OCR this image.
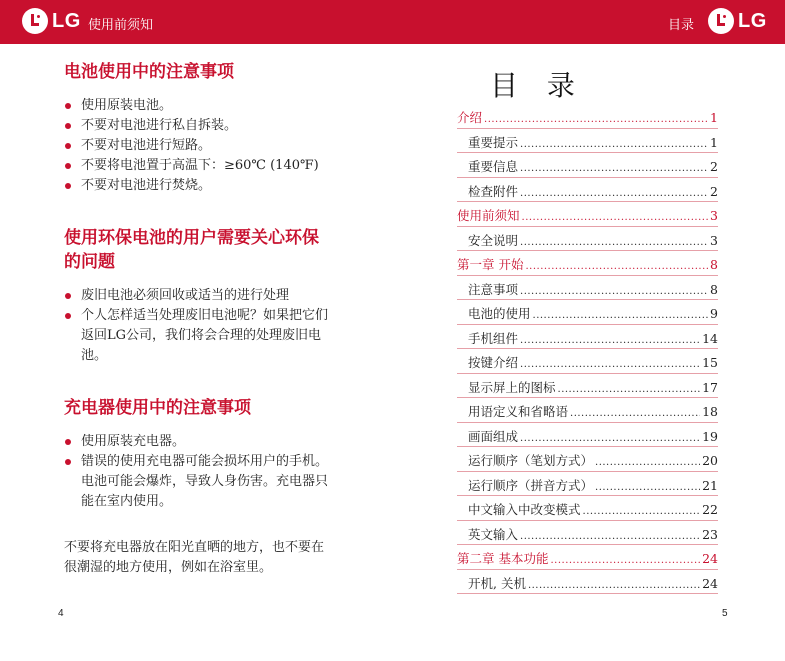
LG 使用前须知	目录 LG
电池使用中的注意事项
使用原装电池。
不要对电池进行私自拆装。
不要对电池进行短路。
不要将电池置于高温下：≥60℃ (140℉)
不要对电池进行焚烧。
使用环保电池的用户需要关心环保的问题
废旧电池必须回收或适当的进行处理
个人怎样适当处理废旧电池呢？如果把它们返回LG公司，我们将会合理的处理废旧电池。
充电器使用中的注意事项
使用原装充电器。
错误的使用充电器可能会损坏用户的手机。电池可能会爆炸，导致人身伤害。充电器只能在室内使用。

不要将充电器放在阳光直晒的地方，也不要在很潮湿的地方使用，例如在浴室里。

4
目 录
介绍 .....	1
重要提示 .....	1
重要信息 .....	2
检查附件 .....	2
使用前须知 .....	3
安全说明 .....	3
第一章 开始 .....	8
注意事项 .....	8
电池的使用 .....	9
手机组件 .....	14
按键介绍 .....	15
显示屏上的图标 .....	17
用语定义和省略语 .....	18
画面组成 .....	19
运行顺序（笔划方式） .....	20
运行顺序（拼音方式） .....	21
中文输入中改变模式 .....	22
英文输入 .....	23
第二章 基本功能 .....	24
开机, 关机 .....	24
5
